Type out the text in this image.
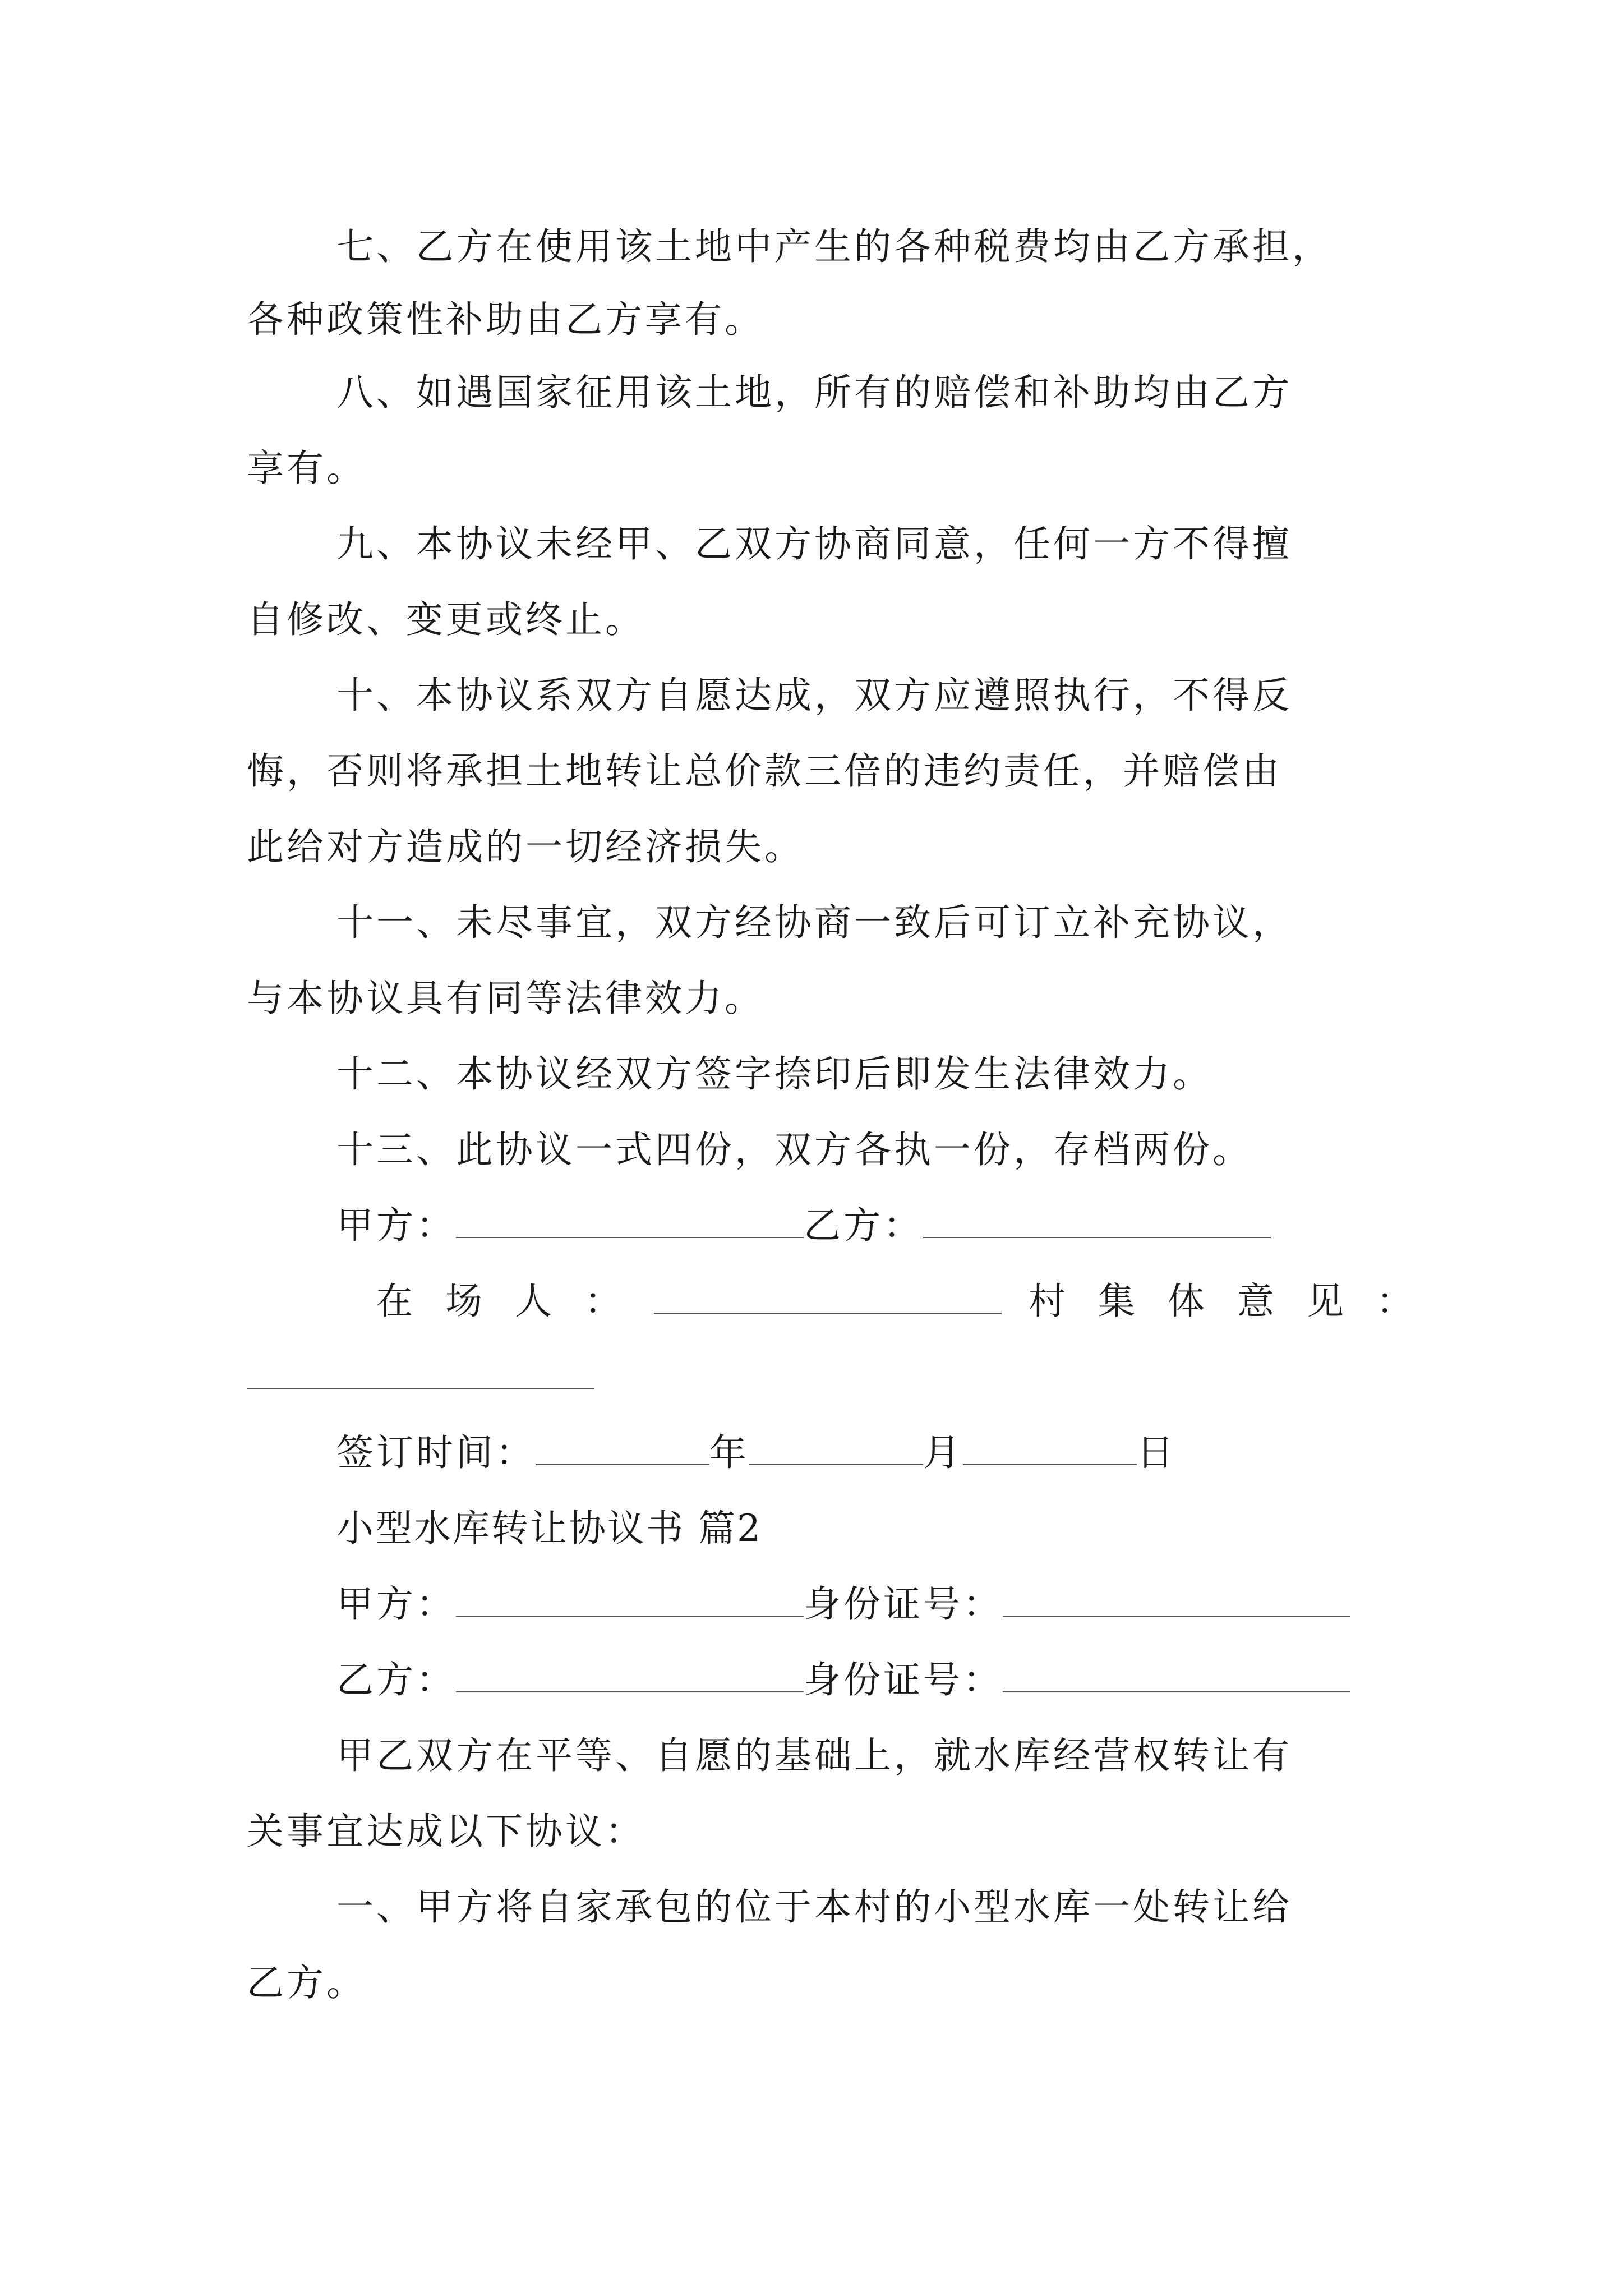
七、乙方在使用该土地中产生的各种税费均由乙方承担，
各种政策性补助由乙方享有。
八、如遇国家征用该土地，所有的赔偿和补助均由乙方
享有。
九、本协议未经甲、乙双方协商同意，任何一方不得擅
自修改、变更或终止。
十、本协议系双方自愿达成，双方应遵照执行，不得反
悔，否则将承担土地转让总价款三倍的违约责任，并赔偿由
此给对方造成的一切经济损失。
十一、未尽事宜，双方经协商一致后可订立补充协议，
与本协议具有同等法律效力。
十二、本协议经双方签字捺印后即发生法律效力。
十三、此协议一式四份，双方各执一份，存档两份。
甲方：	乙方：
在场人：	村集体意见：
签订时间：	年	月	日
小型水库转让协议书 篇2
甲方：	身份证号：
乙方：	身份证号：
甲乙双方在平等、自愿的基础上，就水库经营权转让有
关事宜达成以下协议：
一、甲方将自家承包的位于本村的小型水库一处转让给
乙方。
